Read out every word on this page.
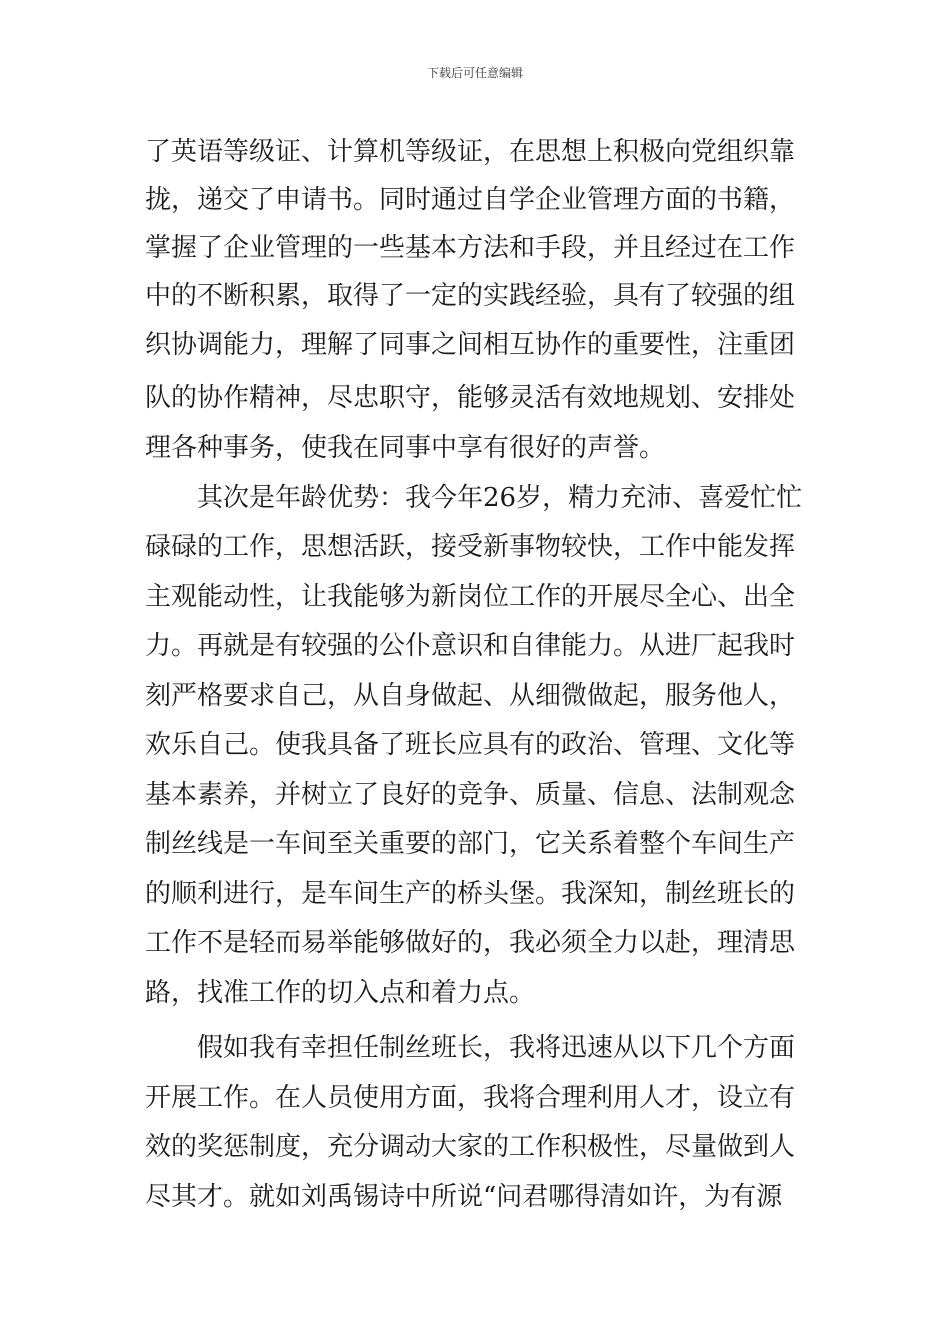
下载后可任意编辑
了英语等级证、计算机等级证，在思想上积极向党组织靠
拢，递交了申请书。同时通过自学企业管理方面的书籍，
掌握了企业管理的一些基本方法和手段，并且经过在工作
中的不断积累，取得了一定的实践经验，具有了较强的组
织协调能力，理解了同事之间相互协作的重要性，注重团
队的协作精神，尽忠职守，能够灵活有效地规划、安排处
理各种事务，使我在同事中享有很好的声誉。
其次是年龄优势：我今年26岁，精力充沛、喜爱忙忙
碌碌的工作，思想活跃，接受新事物较快，工作中能发挥
主观能动性，让我能够为新岗位工作的开展尽全心、出全
力。再就是有较强的公仆意识和自律能力。从进厂起我时
刻严格要求自己，从自身做起、从细微做起，服务他人，
欢乐自己。使我具备了班长应具有的政治、管理、文化等
基本素养，并树立了良好的竞争、质量、信息、法制观念
制丝线是一车间至关重要的部门，它关系着整个车间生产
的顺利进行，是车间生产的桥头堡。我深知，制丝班长的
工作不是轻而易举能够做好的，我必须全力以赴，理清思
路，找准工作的切入点和着力点。
假如我有幸担任制丝班长，我将迅速从以下几个方面
开展工作。在人员使用方面，我将合理利用人才，设立有
效的奖惩制度，充分调动大家的工作积极性，尽量做到人
尽其才。就如刘禹锡诗中所说“问君哪得清如许，为有源
